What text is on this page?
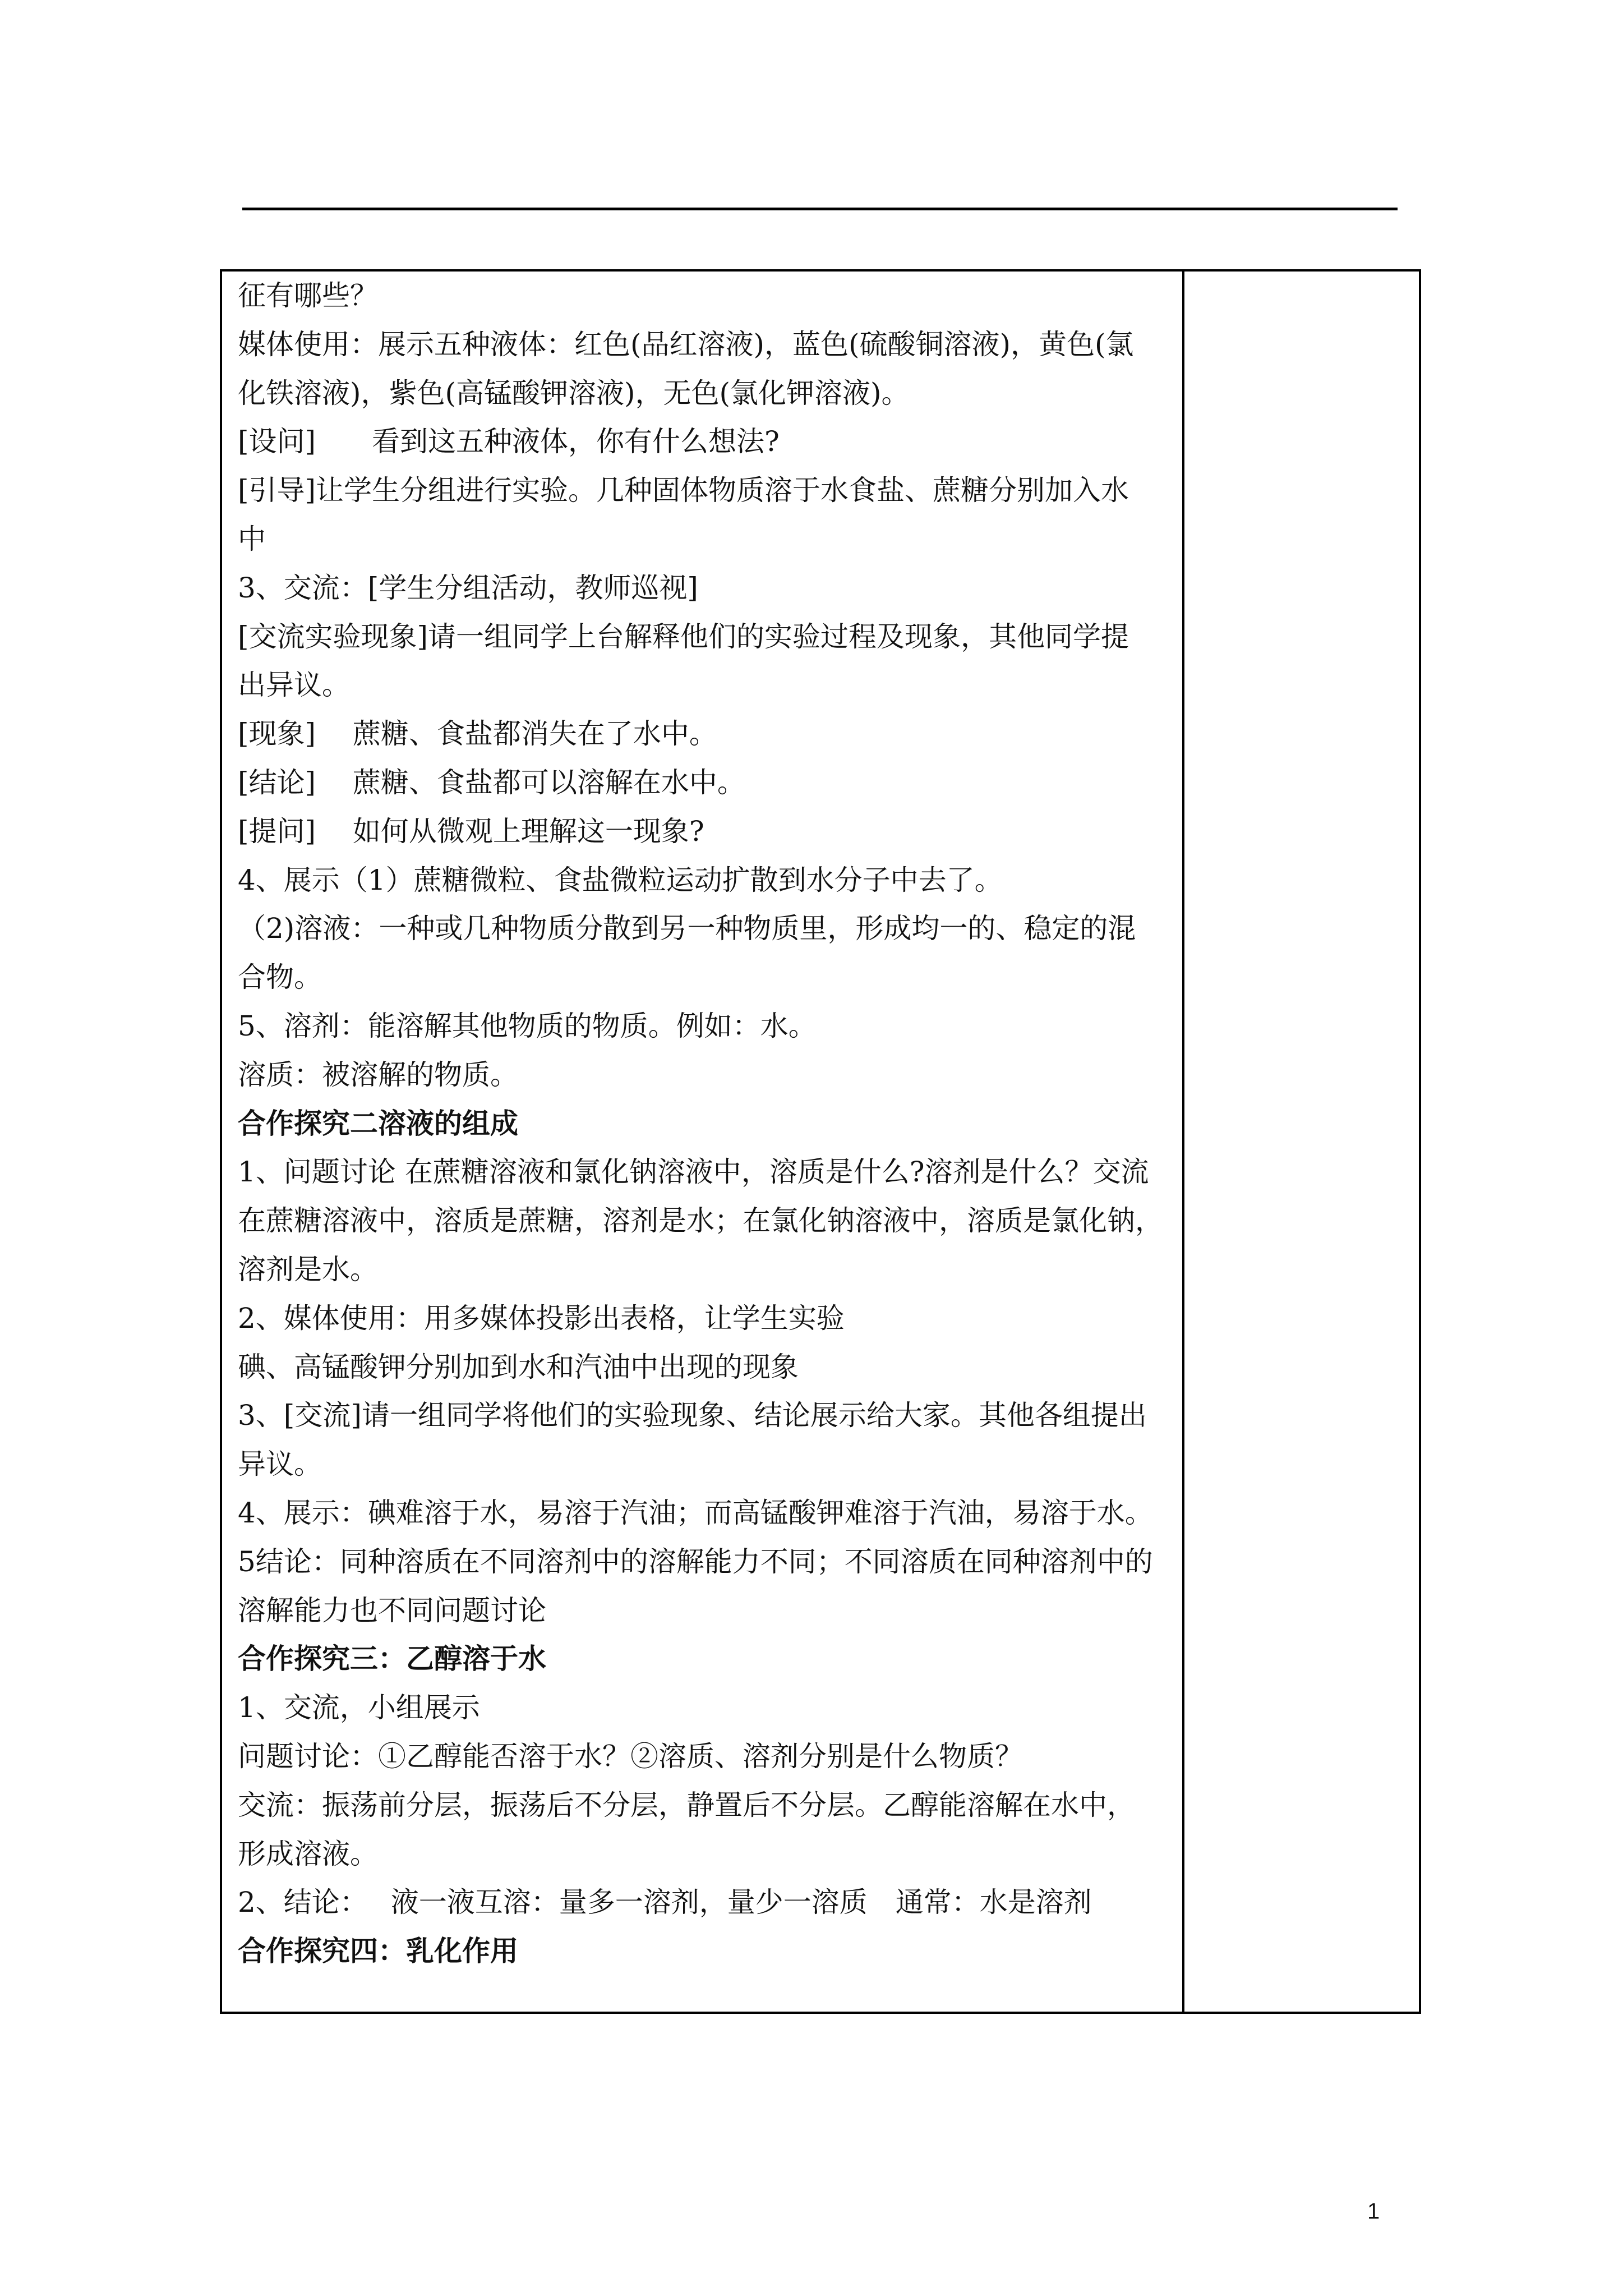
征有哪些？
媒体使用：展示五种液体：红色(品红溶液)，蓝色(硫酸铜溶液)，黄色(氯
化铁溶液)，紫色(高锰酸钾溶液)，无色(氯化钾溶液)。
[设问]　　看到这五种液体，你有什么想法?
[引导]让学生分组进行实验。几种固体物质溶于水食盐、蔗糖分别加入水
中
3、交流：[学生分组活动，教师巡视]
[交流实验现象]请一组同学上台解释他们的实验过程及现象，其他同学提
出异议。
[现象]　 蔗糖、食盐都消失在了水中。
[结论]　 蔗糖、食盐都可以溶解在水中。
[提问]　 如何从微观上理解这一现象?
4、展示（1）蔗糖微粒、食盐微粒运动扩散到水分子中去了。
（2)溶液：一种或几种物质分散到另一种物质里，形成均一的、稳定的混
合物。
5、溶剂：能溶解其他物质的物质。例如：水。
溶质：被溶解的物质。
合作探究二溶液的组成
1、问题讨论 在蔗糖溶液和氯化钠溶液中，溶质是什么?溶剂是什么？交流
在蔗糖溶液中，溶质是蔗糖，溶剂是水；在氯化钠溶液中，溶质是氯化钠，
溶剂是水。
2、媒体使用：用多媒体投影出表格，让学生实验
碘、高锰酸钾分别加到水和汽油中出现的现象
3、[交流]请一组同学将他们的实验现象、结论展示给大家。其他各组提出
异议。
4、展示：碘难溶于水，易溶于汽油；而高锰酸钾难溶于汽油，易溶于水。
5结论：同种溶质在不同溶剂中的溶解能力不同；不同溶质在同种溶剂中的
溶解能力也不同问题讨论
合作探究三：乙醇溶于水
1、交流，小组展示
问题讨论：①乙醇能否溶于水？②溶质、溶剂分别是什么物质？
交流：振荡前分层，振荡后不分层，静置后不分层。乙醇能溶解在水中，
形成溶液。
2、结论：　 液一液互溶：量多一溶剂，量少一溶质　通常：水是溶剂
合作探究四：乳化作用
1
